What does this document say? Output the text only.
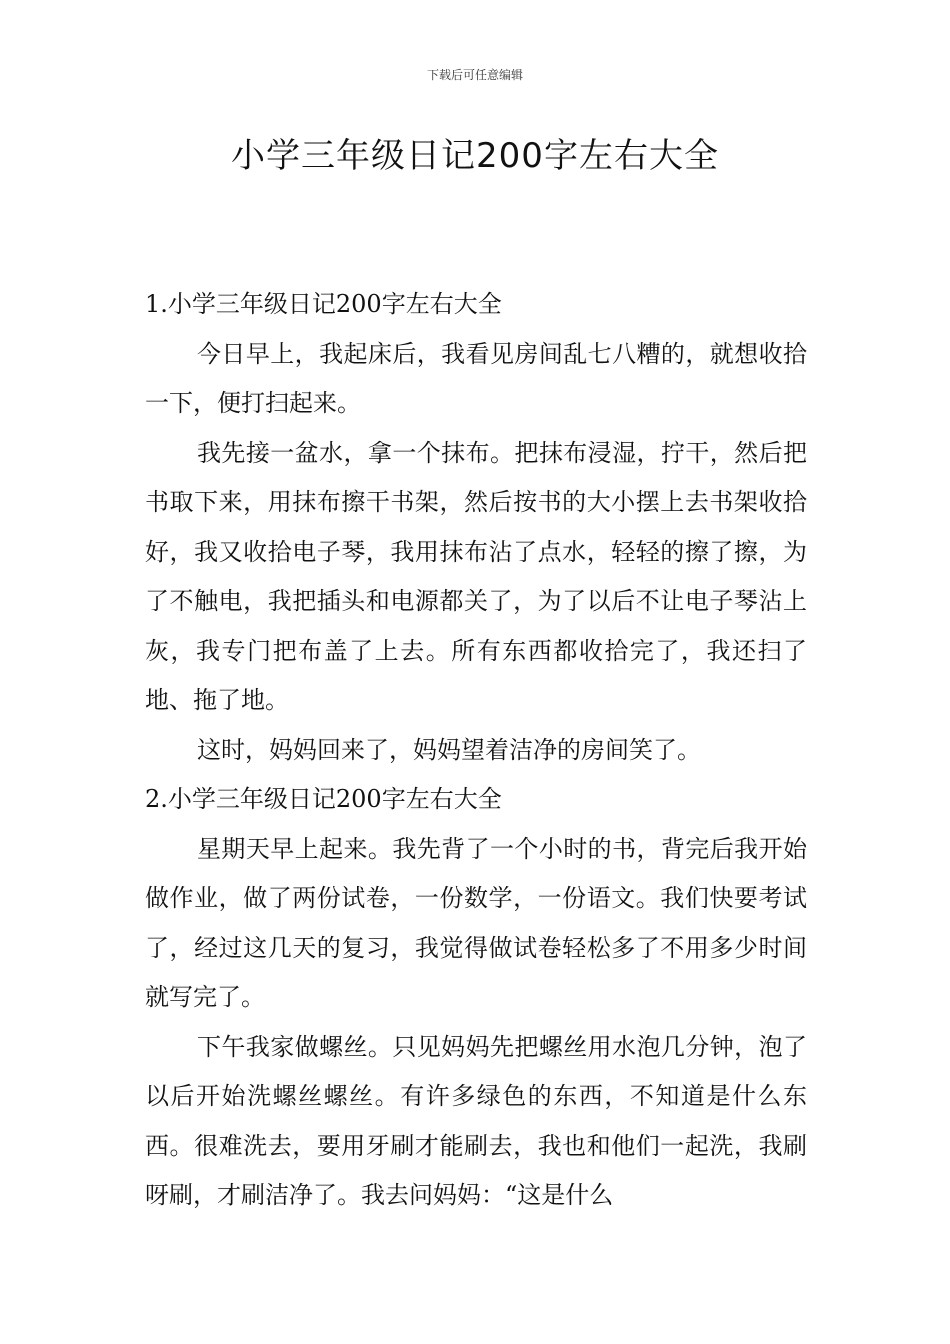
下载后可任意编辑
小学三年级日记200字左右大全

1.小学三年级日记200字左右大全

今日早上，我起床后，我看见房间乱七八糟的，就想收拾一下，便打扫起来。

我先接一盆水，拿一个抹布。把抹布浸湿，拧干，然后把书取下来，用抹布擦干书架，然后按书的大小摆上去书架收拾好，我又收拾电子琴，我用抹布沾了点水，轻轻的擦了擦，为了不触电，我把插头和电源都关了，为了以后不让电子琴沾上灰，我专门把布盖了上去。所有东西都收拾完了，我还扫了地、拖了地。

这时，妈妈回来了，妈妈望着洁净的房间笑了。

2.小学三年级日记200字左右大全

星期天早上起来。我先背了一个小时的书，背完后我开始做作业，做了两份试卷，一份数学，一份语文。我们快要考试了，经过这几天的复习，我觉得做试卷轻松多了不用多少时间就写完了。

下午我家做螺丝。只见妈妈先把螺丝用水泡几分钟，泡了以后开始洗螺丝螺丝。有许多绿色的东西，不知道是什么东西。很难洗去，要用牙刷才能刷去，我也和他们一起洗，我刷呀刷，才刷洁净了。我去问妈妈：“这是什么
